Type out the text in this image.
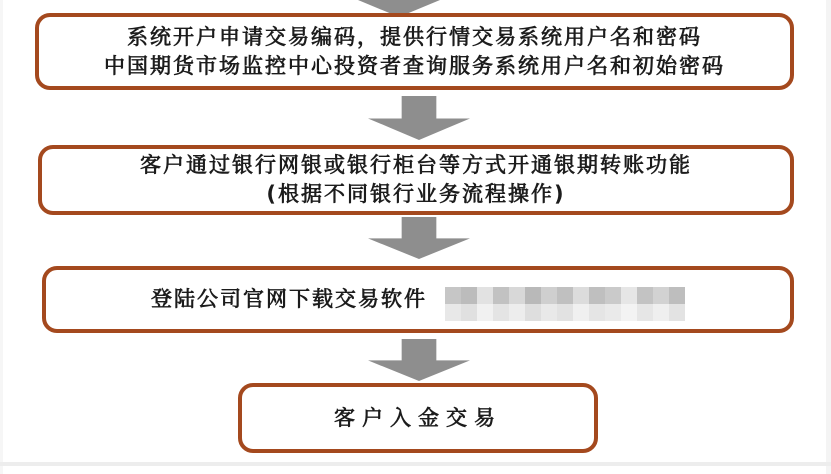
系统开户申请交易编码，提供行情交易系统用户名和密码
中国期货市场监控中心投资者查询服务系统用户名和初始密码
客户通过银行网银或银行柜台等方式开通银期转账功能
(根据不同银行业务流程操作)
登陆公司官网下载交易软件
客户入金交易
